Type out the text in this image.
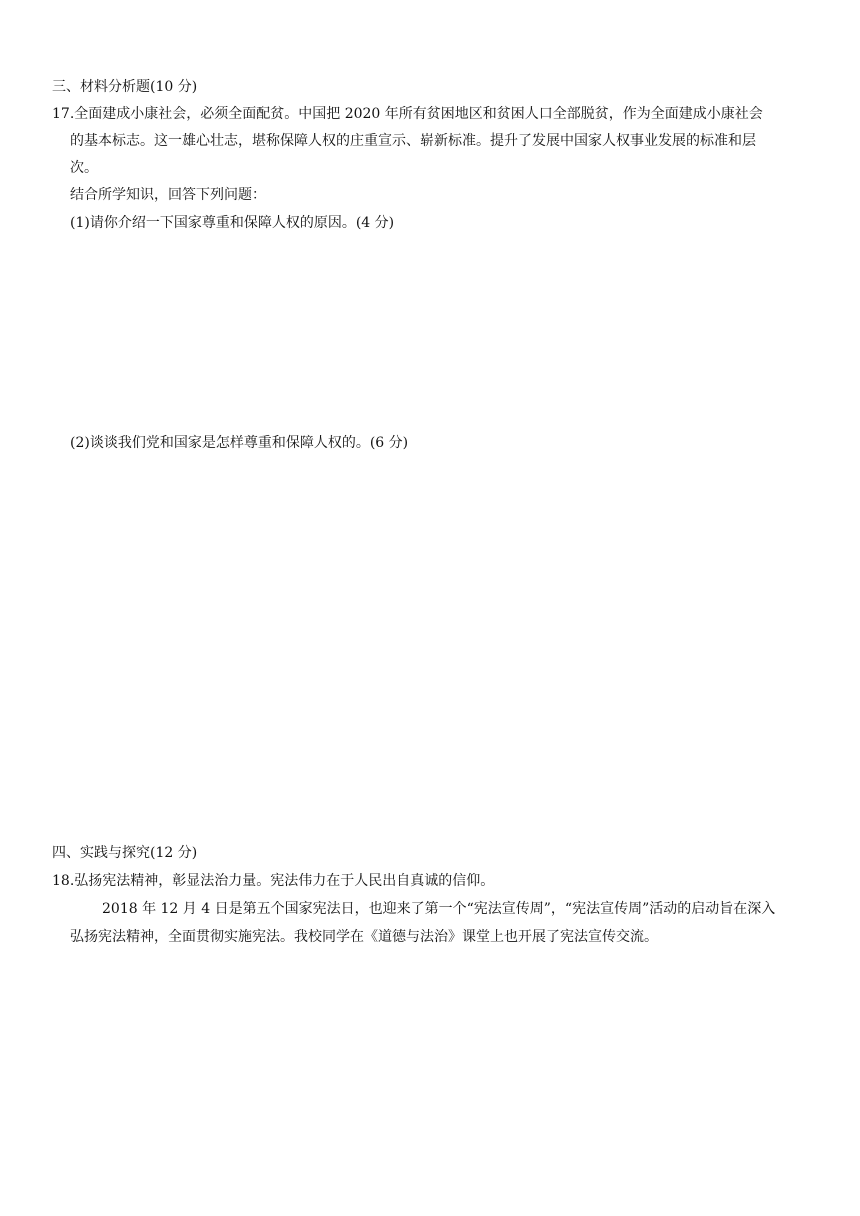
三、材料分析题(10 分)
17.全面建成小康社会，必须全面配贫。中国把 2020 年所有贫困地区和贫困人口全部脱贫，作为全面建成小康社会
的基本标志。这一雄心壮志，堪称保障人权的庄重宣示、崭新标准。提升了发展中国家人权事业发展的标准和层
次。
结合所学知识，回答下列问题：
(1)请你介绍一下国家尊重和保障人权的原因。(4 分)
(2)谈谈我们党和国家是怎样尊重和保障人权的。(6 分)
四、实践与探究(12 分)
18.弘扬宪法精神，彰显法治力量。宪法伟力在于人民出自真诚的信仰。
2018 年 12 月 4 日是第五个国家宪法日，也迎来了第一个“宪法宣传周”，“宪法宣传周”活动的启动旨在深入
弘扬宪法精神，全面贯彻实施宪法。我校同学在《道德与法治》课堂上也开展了宪法宣传交流。
